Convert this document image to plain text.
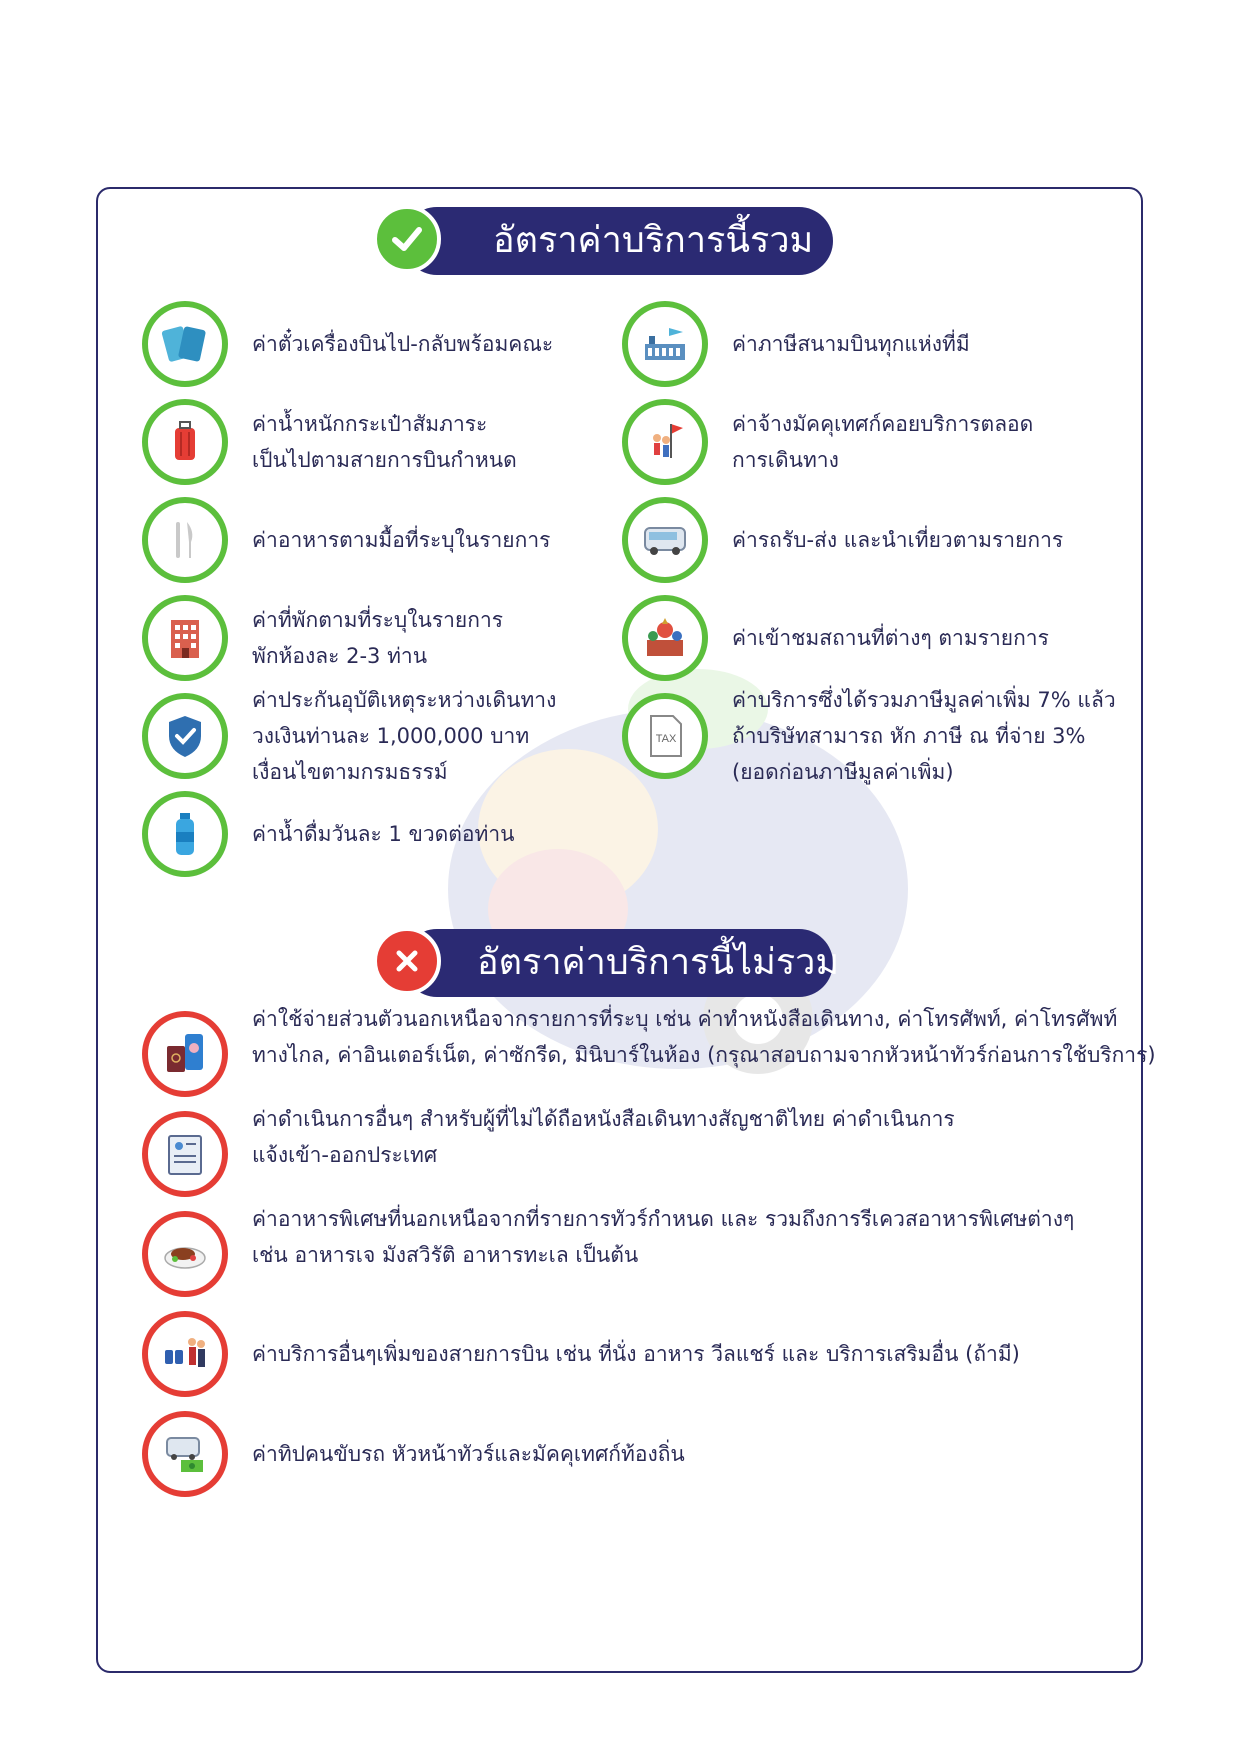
อัตราค่าบริการนี้รวม
ค่าตั๋วเครื่องบินไป-กลับพร้อมคณะ
ค่าน้ำหนักกระเป๋าสัมภาระ
เป็นไปตามสายการบินกำหนด
ค่าอาหารตามมื้อที่ระบุในรายการ
ค่าที่พักตามที่ระบุในรายการ
พักห้องละ 2-3 ท่าน
ค่าประกันอุบัติเหตุระหว่างเดินทาง
วงเงินท่านละ 1,000,000 บาท
เงื่อนไขตามกรมธรรม์
ค่าน้ำดื่มวันละ 1 ขวดต่อท่าน
ค่าภาษีสนามบินทุกแห่งที่มี
ค่าจ้างมัคคุเทศก์คอยบริการตลอด
การเดินทาง
ค่ารถรับ-ส่ง และนำเที่ยวตามรายการ
ค่าเข้าชมสถานที่ต่างๆ ตามรายการ
TAX
ค่าบริการซึ่งได้รวมภาษีมูลค่าเพิ่ม 7% แล้ว
ถ้าบริษัทสามารถ หัก ภาษี ณ ที่จ่าย 3%
(ยอดก่อนภาษีมูลค่าเพิ่ม)
อัตราค่าบริการนี้ไม่รวม
ค่าใช้จ่ายส่วนตัวนอกเหนือจากรายการที่ระบุ เช่น ค่าทำหนังสือเดินทาง, ค่าโทรศัพท์, ค่าโทรศัพท์
ทางไกล, ค่าอินเตอร์เน็ต, ค่าซักรีด, มินิบาร์ในห้อง (กรุณาสอบถามจากหัวหน้าทัวร์ก่อนการใช้บริการ)
ค่าดำเนินการอื่นๆ สำหรับผู้ที่ไม่ได้ถือหนังสือเดินทางสัญชาติไทย ค่าดำเนินการ
แจ้งเข้า-ออกประเทศ
ค่าอาหารพิเศษที่นอกเหนือจากที่รายการทัวร์กำหนด และ รวมถึงการรีเควสอาหารพิเศษต่างๆ
เช่น อาหารเจ มังสวิรัติ อาหารทะเล เป็นต้น
ค่าบริการอื่นๆเพิ่มของสายการบิน เช่น ที่นั่ง อาหาร วีลแชร์ และ บริการเสริมอื่น (ถ้ามี)
ค่าทิปคนขับรถ หัวหน้าทัวร์และมัคคุเทศก์ท้องถิ่น
